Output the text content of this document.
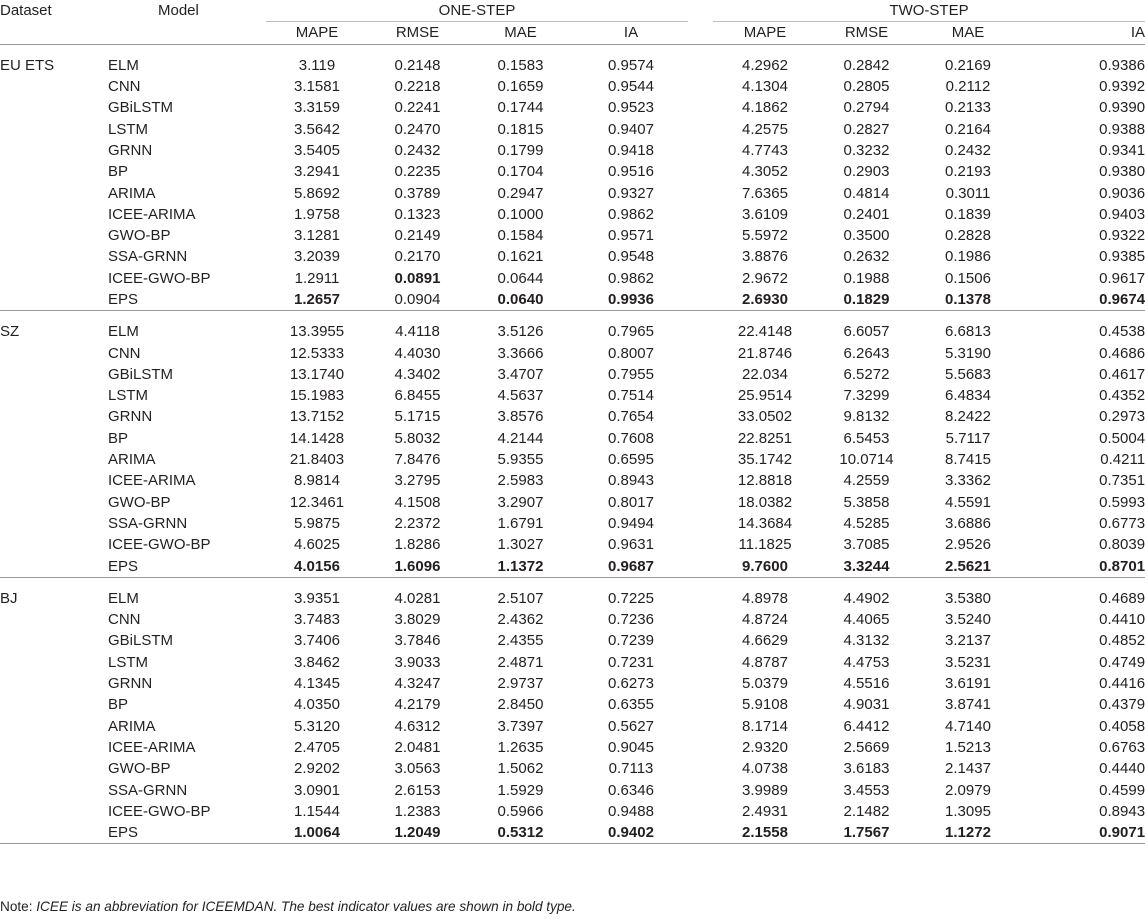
Dataset	Model	ONE-STEP					TWO-STEP			
		MAPE	RMSE	MAE	IA		MAPE	RMSE	MAE	IA

EU ETS	ELM	3.119	0.2148	0.1583	0.9574		4.2962	0.2842	0.2169	0.9386
	CNN	3.1581	0.2218	0.1659	0.9544		4.1304	0.2805	0.2112	0.9392
	GBiLSTM	3.3159	0.2241	0.1744	0.9523		4.1862	0.2794	0.2133	0.9390
	LSTM	3.5642	0.2470	0.1815	0.9407		4.2575	0.2827	0.2164	0.9388
	GRNN	3.5405	0.2432	0.1799	0.9418		4.7743	0.3232	0.2432	0.9341
	BP	3.2941	0.2235	0.1704	0.9516		4.3052	0.2903	0.2193	0.9380
	ARIMA	5.8692	0.3789	0.2947	0.9327		7.6365	0.4814	0.3011	0.9036
	ICEE-ARIMA	1.9758	0.1323	0.1000	0.9862		3.6109	0.2401	0.1839	0.9403
	GWO-BP	3.1281	0.2149	0.1584	0.9571		5.5972	0.3500	0.2828	0.9322
	SSA-GRNN	3.2039	0.2170	0.1621	0.9548		3.8876	0.2632	0.1986	0.9385
	ICEE-GWO-BP	1.2911	0.0891	0.0644	0.9862		2.9672	0.1988	0.1506	0.9617
	EPS	1.2657	0.0904	0.0640	0.9936		2.6930	0.1829	0.1378	0.9674

SZ	ELM	13.3955	4.4118	3.5126	0.7965		22.4148	6.6057	6.6813	0.4538
	CNN	12.5333	4.4030	3.3666	0.8007		21.8746	6.2643	5.3190	0.4686
	GBiLSTM	13.1740	4.3402	3.4707	0.7955		22.034	6.5272	5.5683	0.4617
	LSTM	15.1983	6.8455	4.5637	0.7514		25.9514	7.3299	6.4834	0.4352
	GRNN	13.7152	5.1715	3.8576	0.7654		33.0502	9.8132	8.2422	0.2973
	BP	14.1428	5.8032	4.2144	0.7608		22.8251	6.5453	5.7117	0.5004
	ARIMA	21.8403	7.8476	5.9355	0.6595		35.1742	10.0714	8.7415	0.4211
	ICEE-ARIMA	8.9814	3.2795	2.5983	0.8943		12.8818	4.2559	3.3362	0.7351
	GWO-BP	12.3461	4.1508	3.2907	0.8017		18.0382	5.3858	4.5591	0.5993
	SSA-GRNN	5.9875	2.2372	1.6791	0.9494		14.3684	4.5285	3.6886	0.6773
	ICEE-GWO-BP	4.6025	1.8286	1.3027	0.9631		11.1825	3.7085	2.9526	0.8039
	EPS	4.0156	1.6096	1.1372	0.9687		9.7600	3.3244	2.5621	0.8701

BJ	ELM	3.9351	4.0281	2.5107	0.7225		4.8978	4.4902	3.5380	0.4689
	CNN	3.7483	3.8029	2.4362	0.7236		4.8724	4.4065	3.5240	0.4410
	GBiLSTM	3.7406	3.7846	2.4355	0.7239		4.6629	4.3132	3.2137	0.4852
	LSTM	3.8462	3.9033	2.4871	0.7231		4.8787	4.4753	3.5231	0.4749
	GRNN	4.1345	4.3247	2.9737	0.6273		5.0379	4.5516	3.6191	0.4416
	BP	4.0350	4.2179	2.8450	0.6355		5.9108	4.9031	3.8741	0.4379
	ARIMA	5.3120	4.6312	3.7397	0.5627		8.1714	6.4412	4.7140	0.4058
	ICEE-ARIMA	2.4705	2.0481	1.2635	0.9045		2.9320	2.5669	1.5213	0.6763
	GWO-BP	2.9202	3.0563	1.5062	0.7113		4.0738	3.6183	2.1437	0.4440
	SSA-GRNN	3.0901	2.6153	1.5929	0.6346		3.9989	3.4553	2.0979	0.4599
	ICEE-GWO-BP	1.1544	1.2383	0.5966	0.9488		2.4931	2.1482	1.3095	0.8943
	EPS	1.0064	1.2049	0.5312	0.9402		2.1558	1.7567	1.1272	0.9071
Note: ICEE is an abbreviation for ICEEMDAN. The best indicator values are shown in bold type.
